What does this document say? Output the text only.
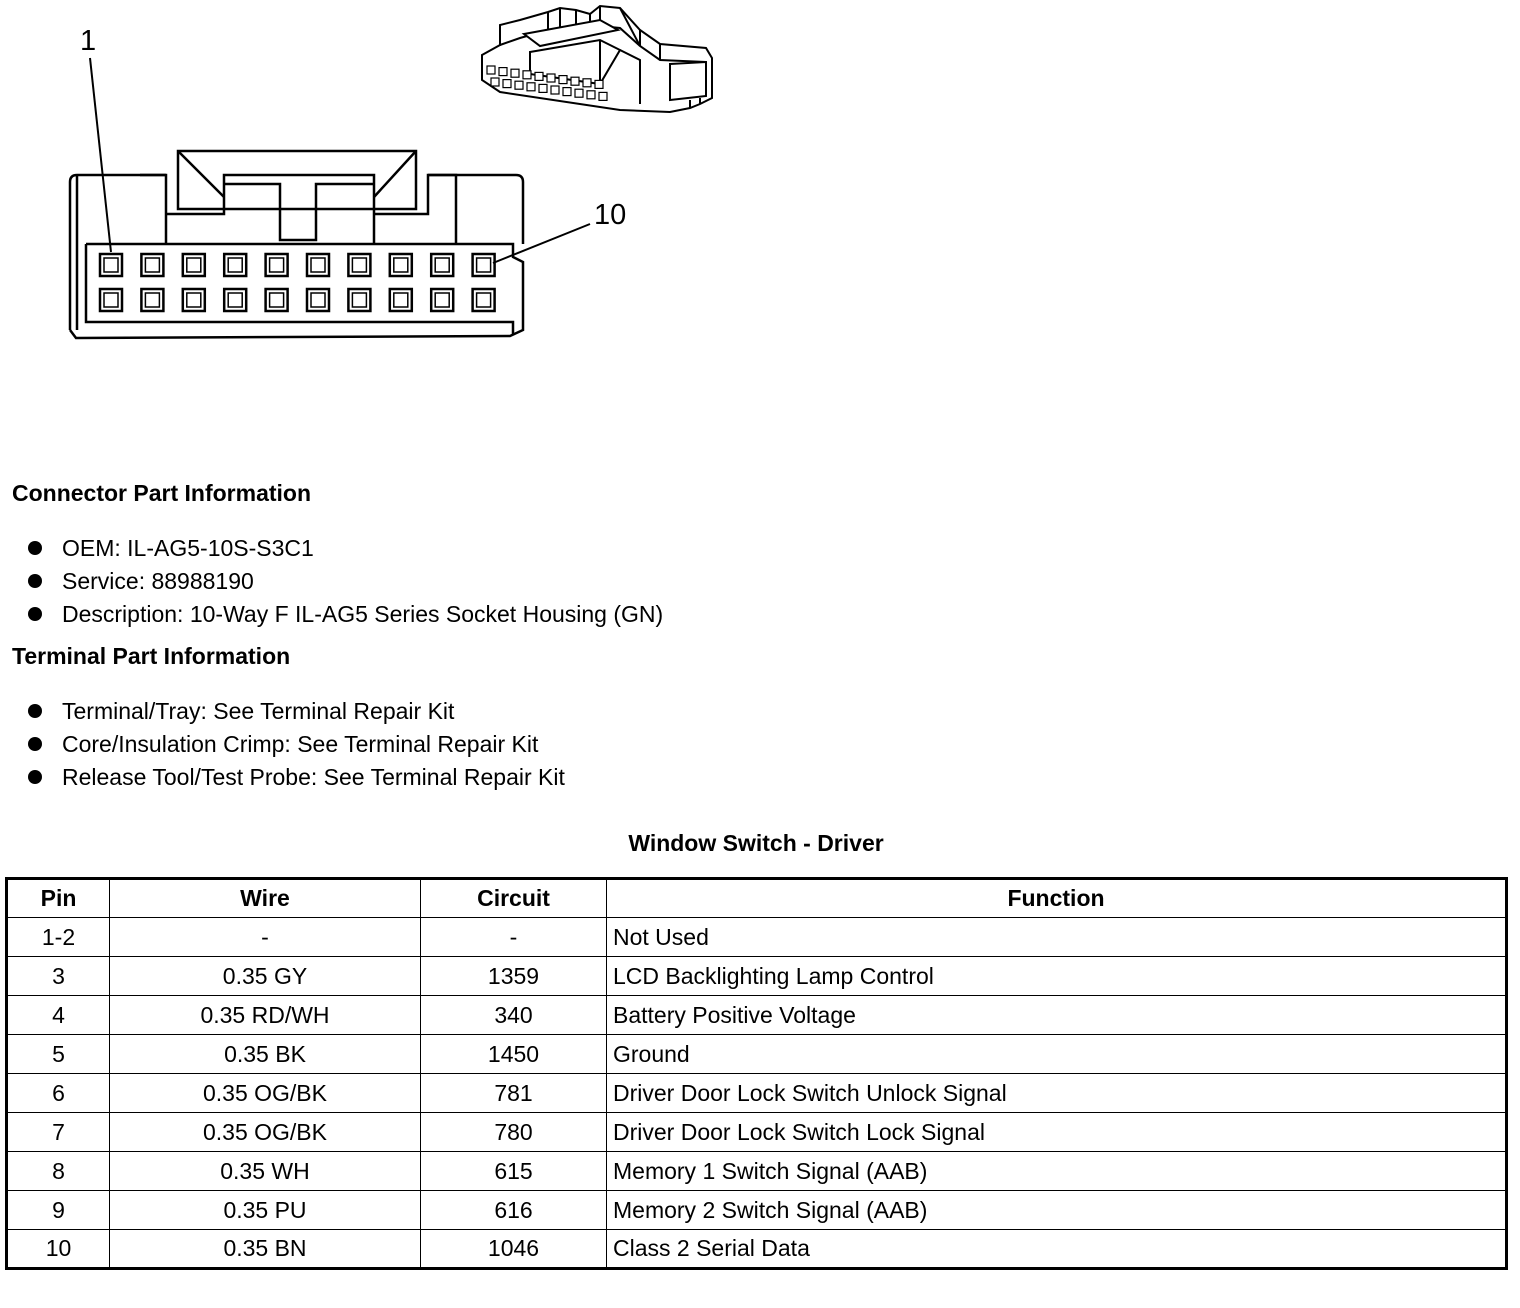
1
10
Connector Part Information
OEM: IL-AG5-10S-S3C1
Service: 88988190
Description: 10-Way F IL-AG5 Series Socket Housing (GN)
Terminal Part Information
Terminal/Tray: See Terminal Repair Kit
Core/Insulation Crimp: See Terminal Repair Kit
Release Tool/Test Probe: See Terminal Repair Kit
Window Switch - Driver
Pin	Wire	Circuit	Function
1-2	-	-	Not Used
3	0.35 GY	1359	LCD Backlighting Lamp Control
4	0.35 RD/WH	340	Battery Positive Voltage
5	0.35 BK	1450	Ground
6	0.35 OG/BK	781	Driver Door Lock Switch Unlock Signal
7	0.35 OG/BK	780	Driver Door Lock Switch Lock Signal
8	0.35 WH	615	Memory 1 Switch Signal (AAB)
9	0.35 PU	616	Memory 2 Switch Signal (AAB)
10	0.35 BN	1046	Class 2 Serial Data
